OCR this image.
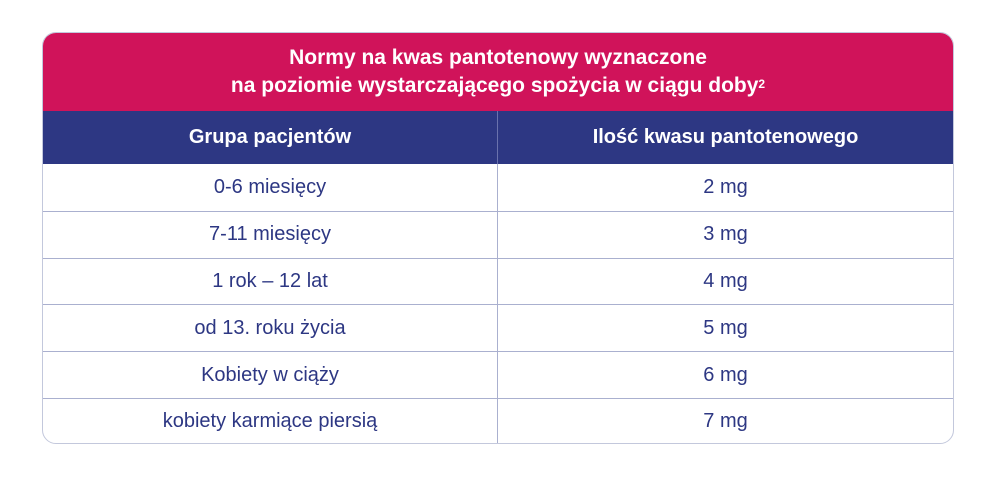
Normy na kwas pantotenowy wyznaczone
na poziomie wystarczającego spożycia w ciągu doby$^2$
Grupa pacjentów	Ilość kwasu pantotenowego
0-6 miesięcy	2 mg
7-11 miesięcy	3 mg
1 rok – 12 lat	4 mg
od 13. roku życia	5 mg
Kobiety w ciąży	6 mg
kobiety karmiące piersią	7 mg
